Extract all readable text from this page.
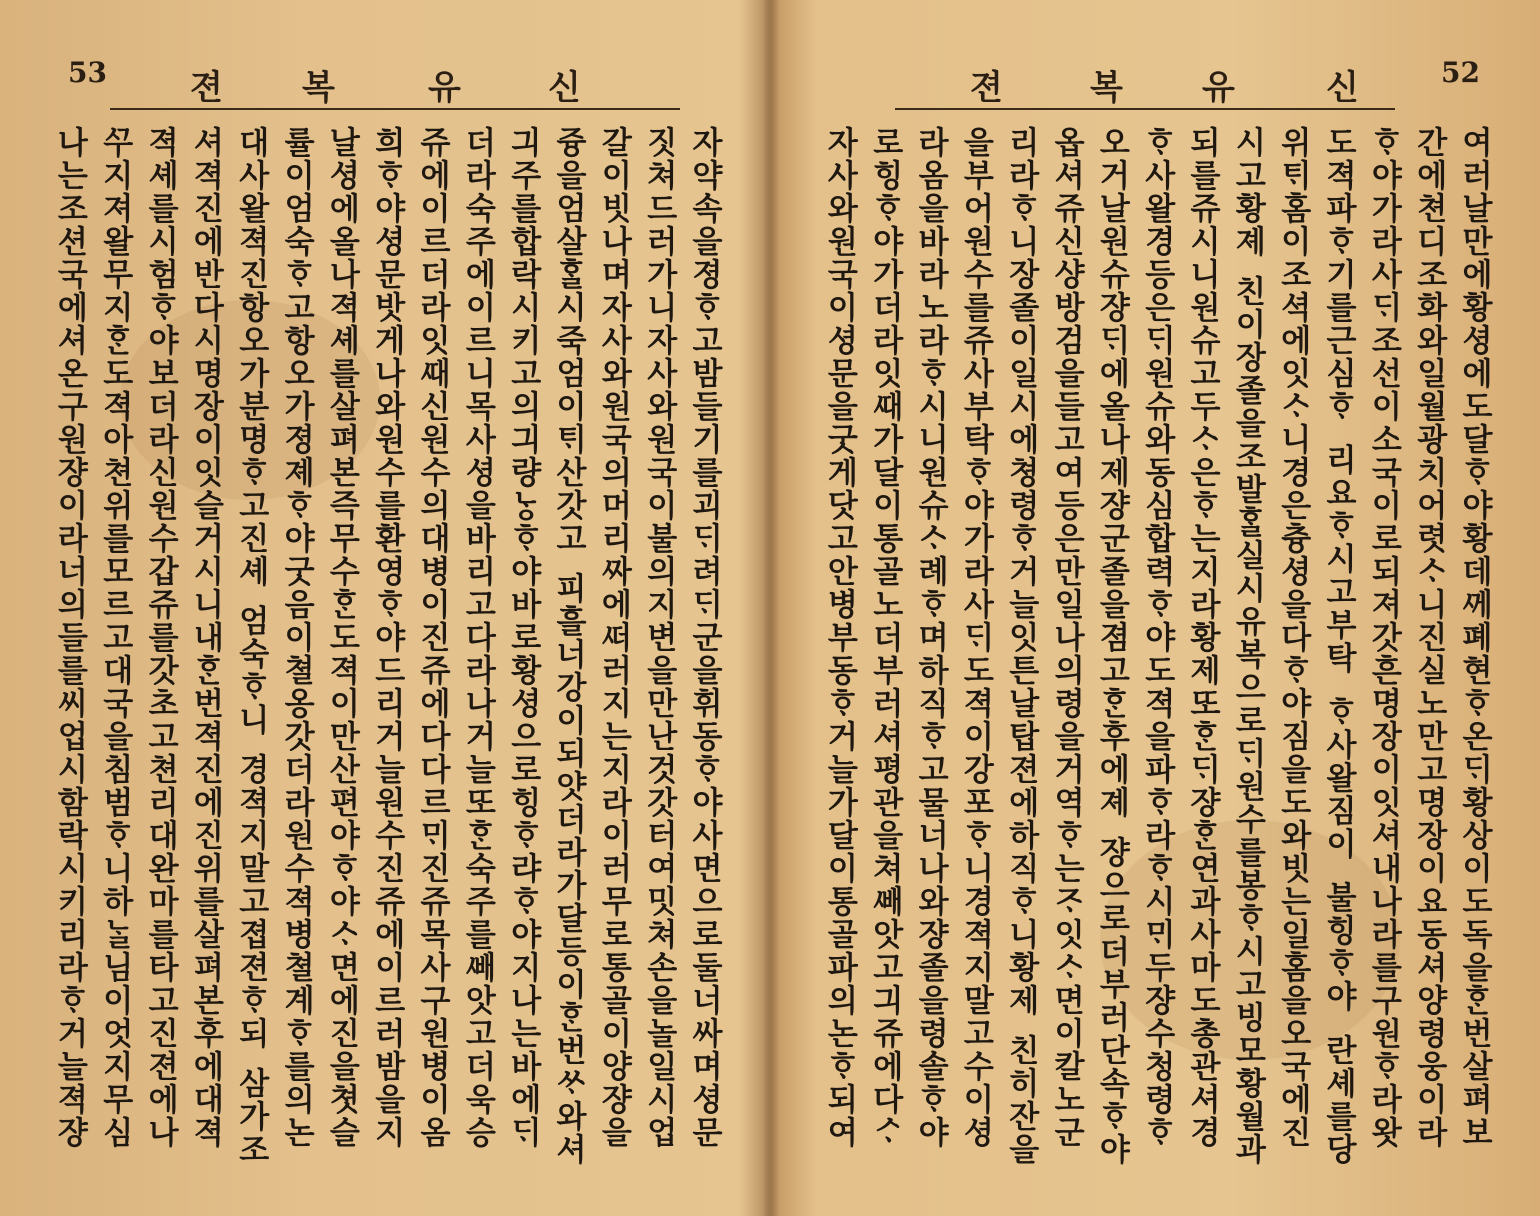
53 젼 복	유	신
자약속을졍ᄒᆞ고밤들기를괴ᄃᆡ려ᄃᆡ군을휘동ᄒᆞ야사면으로둘너싸며셩문
짓쳐드러가니자사와원국이불의지변을만난것갓터여밋쳐손을놀일시업
갈이빗나며자사와원국의머리ᄶᅡ에ᄯᅥ러지는지라이러무로통골이양쟝을
즁을엄살ᄒᆞᆯ시죽엄이ᄐᆡ산갓고 피흘너강이되얏더라가달등이ᄒᆞᆫ번ᄊᆞ와셔
긔주를합락시키고의긔량ᄂᆞᆼᄒᆞ야바로황셩으로힝ᄒᆞ랴ᄒᆞ야지나는바에ᄃᆡ
더라숙주에이르니목사셩을바리고다라나거늘또ᄒᆞᆫ숙주를ᄲᅢ앗고더욱승
쥬에이르더라잇ᄯᅢ신원수의대병이진쥬에다다르ᄆᆡ진쥬목사구원병이옴
희ᄒᆞ야셩문밧게나와원수를환영ᄒᆞ야드리거늘원수진쥬에이르러밤을지
날셩에올나젹셰를살펴본즉무수ᄒᆞᆫ도젹이만산편야ᄒᆞ야ᄉᆞ면에진을쳣슬
률이엄숙ᄒᆞ고항오가졍졔ᄒᆞ야굿음이쳘옹갓더라원수젹병쳘계ᄒᆞ를의논
대사왈젹진항오가분명ᄒᆞ고진셰 엄숙ᄒᆞ니 경젹지말고졉젼ᄒᆞ되 삼가조
셔젹진에반다시명장이잇슬거시니내ᄒᆞᆫ번젹진에진위를살펴본후에대젹
젹셰를시험ᄒᆞ야보더라신원수갑쥬를갓초고쳔리대완마를타고진젼에나
ᄭᅮ지져왈무지ᄒᆞᆫ도젹아쳔위를모르고대국을침범ᄒᆞ니하ᄂᆞᆯ님이엇지무심
나는조션국에셔온구원쟝이라너의들를씨업시함락시키리라ᄒᆞ거늘젹쟝
젼	복 유	신	52
여러날만에황셩에도달ᄒᆞ야황데ᄭᅦ폐현ᄒᆞ온ᄃᆡ황상이도독을ᄒᆞᆫ번살펴보
간에쳔디조화와일월광치어렷ᄉᆞ니진실노만고명장이요동셔양령웅이라
ᄒᆞ야가라사ᄃᆡ조선이소국이로되져갓흔명장이잇셔내나라를구원ᄒᆞ라왓
도젹파ᄒᆞ기를근심ᄒᆞ 리요ᄒᆞ시고부탁 ᄒᆞ사왈짐이 불힝ᄒᆞ야 란셰를당
위ᄐᆡ홈이조셕에잇ᄉᆞ니경은츙셩을다ᄒᆞ야짐을도와빗는일홈을오국에진
시고황졔 친이장졸을조발ᄒᆞᆯ실시유복으로ᄃᆡ원수를봉ᄒᆞ시고빙모황월과
되를쥬시니원슈고두ᄉᆞ은ᄒᆞ는지라황제또ᄒᆞᆫᄃᆡ쟝ᄒᆞᆫ연과사마도총관셔경
ᄒᆞ사왈경등은ᄃᆡ원슈와동심합력ᄒᆞ야도젹을파ᄒᆞ라ᄒᆞ시ᄆᆡ두쟝수청령ᄒᆞ
오거날원슈쟝ᄃᆡ에올나제쟝군졸을졈고ᄒᆞᆫ후에졔 쟝으로더부러단속ᄒᆞ야
옵셔쥬신샹방검을들고여등은만일나의령을거역ᄒᆞ는ᄌᆞ잇ᄉᆞ면이칼노군
리라ᄒᆞ니장졸이일시에쳥령ᄒᆞ거늘잇튼날탑젼에하직ᄒᆞ니황제 친히잔을
을부어원수를쥬사부탁ᄒᆞ야가라사ᄃᆡ도젹이강포ᄒᆞ니경젹지말고수이셩
라옴을바라노라ᄒᆞ시니원슈ᄉᆞ례ᄒᆞ며하직ᄒᆞ고물너나와쟝졸을령솔ᄒᆞ야
로힝ᄒᆞ야가더라잇ᄯᅢ가달이통골노더부러셔평관을쳐ᄲᅢ앗고긔쥬에다ᄼᆞ
자사와원국이셩문을굿게닷고안병부동ᄒᆞ거늘가달이통골파의논ᄒᆞ되여
